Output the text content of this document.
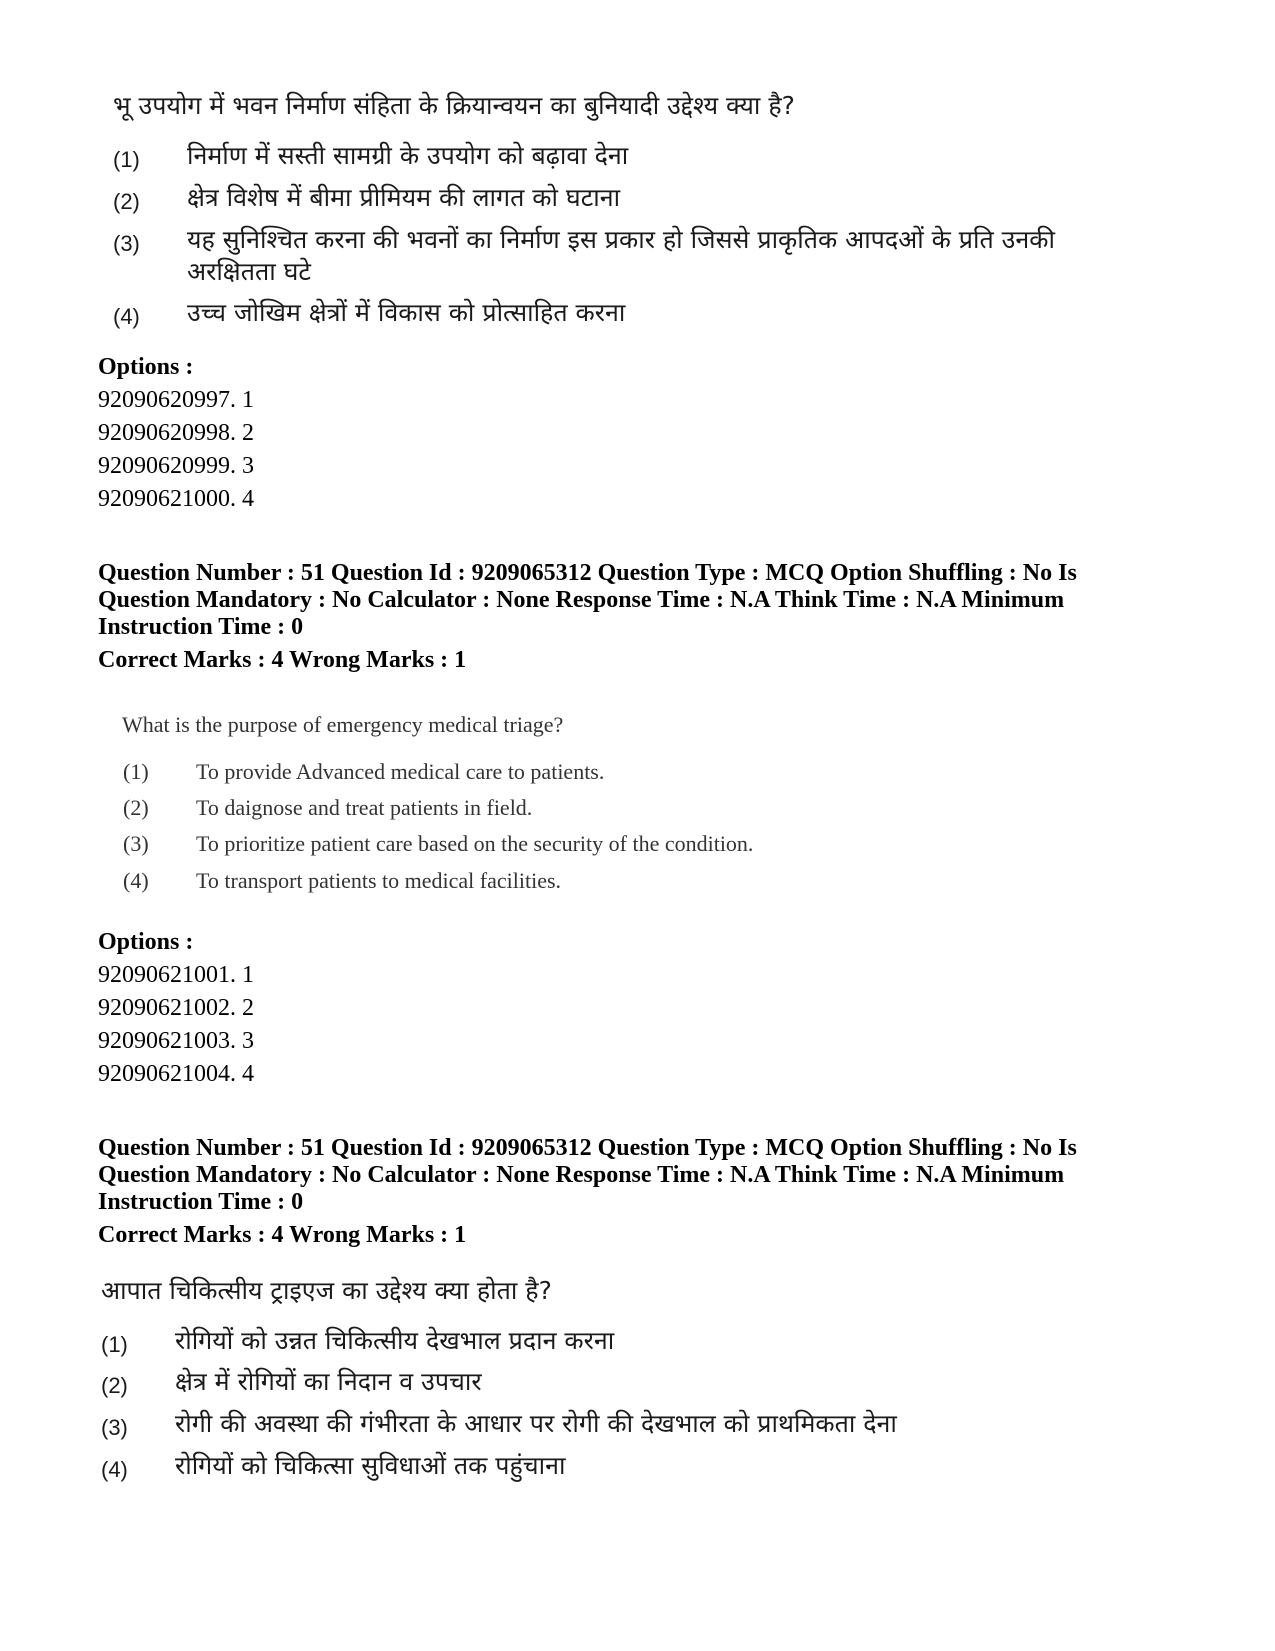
भू उपयोग में भवन निर्माण संहिता के क्रियान्वयन का बुनियादी उद्देश्य क्या है?
(1)	निर्माण में सस्ती सामग्री के उपयोग को बढ़ावा देना
(2)	क्षेत्र विशेष में बीमा प्रीमियम की लागत को घटाना
(3)	यह सुनिश्चित करना की भवनों का निर्माण इस प्रकार हो जिससे प्राकृतिक आपदओं के प्रति उनकी अरक्षितता घटे
(4)	उच्च जोखिम क्षेत्रों में विकास को प्रोत्साहित करना
Options :
92090620997. 1
92090620998. 2
92090620999. 3
92090621000. 4
Question Number : 51 Question Id : 9209065312 Question Type : MCQ Option Shuffling : No Is
Question Mandatory : No Calculator : None Response Time : N.A Think Time : N.A Minimum
Instruction Time : 0
Correct Marks : 4 Wrong Marks : 1
What is the purpose of emergency medical triage?
(1)	To provide Advanced medical care to patients.
(2)	To daignose and treat patients in field.
(3)	To prioritize patient care based on the security of the condition.
(4)	To transport patients to medical facilities.
Options :
92090621001. 1
92090621002. 2
92090621003. 3
92090621004. 4
Question Number : 51 Question Id : 9209065312 Question Type : MCQ Option Shuffling : No Is
Question Mandatory : No Calculator : None Response Time : N.A Think Time : N.A Minimum
Instruction Time : 0
Correct Marks : 4 Wrong Marks : 1
आपात चिकित्सीय ट्राइएज का उद्देश्य क्या होता है?
(1)	रोगियों को उन्नत चिकित्सीय देखभाल प्रदान करना
(2)	क्षेत्र में रोगियों का निदान व उपचार
(3)	रोगी की अवस्था की गंभीरता के आधार पर रोगी की देखभाल को प्राथमिकता देना
(4)	रोगियों को चिकित्सा सुविधाओं तक पहुंचाना
